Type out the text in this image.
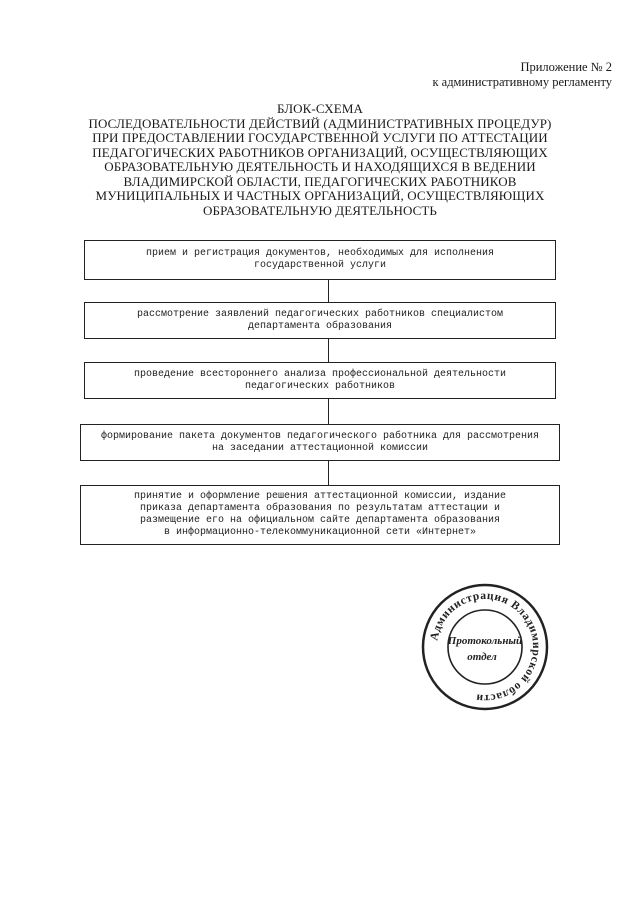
Приложение № 2
к административному регламенту
БЛОК-СХЕМА
ПОСЛЕДОВАТЕЛЬНОСТИ ДЕЙСТВИЙ (АДМИНИСТРАТИВНЫХ ПРОЦЕДУР)
ПРИ ПРЕДОСТАВЛЕНИИ ГОСУДАРСТВЕННОЙ УСЛУГИ ПО АТТЕСТАЦИИ
ПЕДАГОГИЧЕСКИХ РАБОТНИКОВ ОРГАНИЗАЦИЙ, ОСУЩЕСТВЛЯЮЩИХ
ОБРАЗОВАТЕЛЬНУЮ ДЕЯТЕЛЬНОСТЬ И НАХОДЯЩИХСЯ В ВЕДЕНИИ
ВЛАДИМИРСКОЙ ОБЛАСТИ, ПЕДАГОГИЧЕСКИХ РАБОТНИКОВ
МУНИЦИПАЛЬНЫХ И ЧАСТНЫХ ОРГАНИЗАЦИЙ, ОСУЩЕСТВЛЯЮЩИХ
ОБРАЗОВАТЕЛЬНУЮ ДЕЯТЕЛЬНОСТЬ
прием и регистрация документов, необходимых для исполнения
государственной услуги
рассмотрение заявлений педагогических работников специалистом
департамента образования
проведение всестороннего анализа профессиональной деятельности
педагогических работников
формирование пакета документов педагогического работника для рассмотрения
на заседании аттестационной комиссии
принятие и оформление решения аттестационной комиссии, издание
приказа департамента образования по результатам аттестации и
размещение его на официальном сайте департамента образования
в информационно-телекоммуникационной сети «Интернет»
Администрация Владимирской области
Протокольный
отдел
